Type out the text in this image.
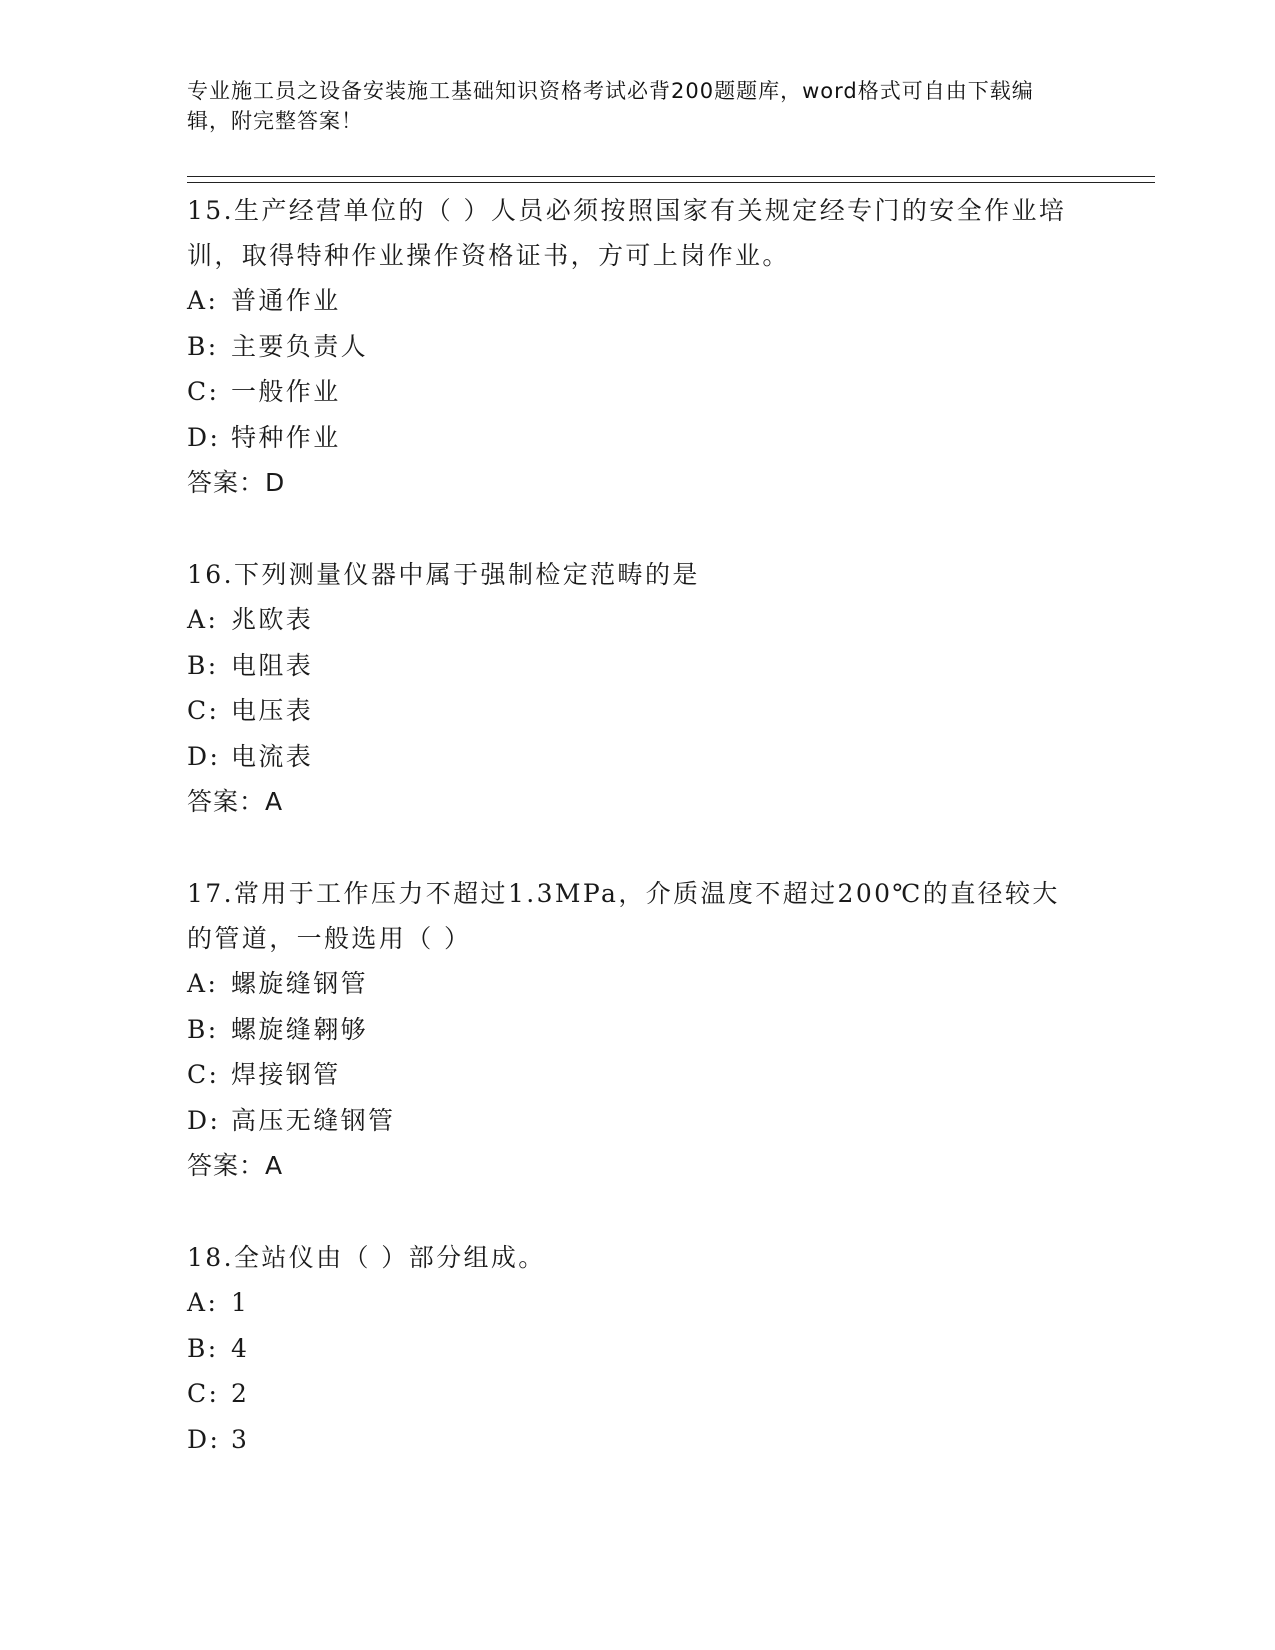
专业施工员之设备安装施工基础知识资格考试必背200题题库，word格式可自由下载编辑，附完整答案！

15.生产经营单位的（ ）人员必须按照国家有关规定经专门的安全作业培训，取得特种作业操作资格证书，方可上岗作业。

A: 普通作业
B: 主要负责人
C: 一般作业
D: 特种作业

答案：D

16.下列测量仪器中属于强制检定范畴的是

A: 兆欧表
B: 电阻表
C: 电压表
D: 电流表

答案：A

17.常用于工作压力不超过1.3MPa，介质温度不超过200℃的直径较大的管道，一般选用（ ）

A: 螺旋缝钢管
B: 螺旋缝翱够
C: 焊接钢管
D: 高压无缝钢管

答案：A

18.全站仪由（ ）部分组成。

A: 1
B: 4
C: 2
D: 3
